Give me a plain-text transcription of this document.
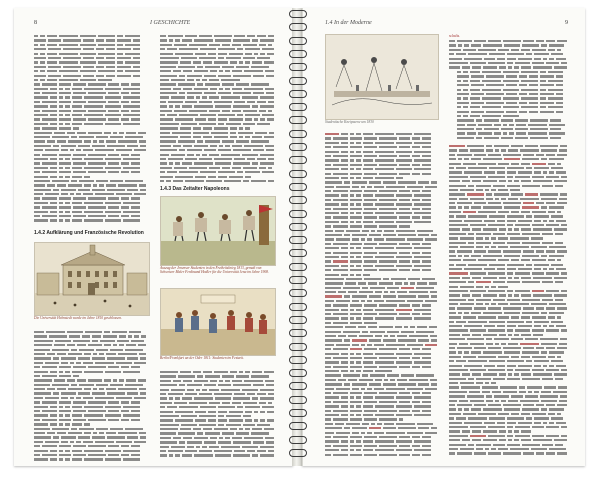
8	I GESCHICHTE
1.4.2 Aufklärung und Französische Revolution
Die Universität Helmstedt wurde im Jahre 1810 geschlossen.
1.4.3 Das Zeitalter Napoleons
Auszug der Jenenser Studenten in den Freiheitskrieg 1813, gemalt von Schweizer Maler Ferdinand Hodler für die Universität Jena im Jahre 1908.
Berlin/Frankfurt an der Oder 1811: Studenten im Festzeit.
1.4 In der Moderne	9
Studentische Kneipszene um 1830
schafts.
